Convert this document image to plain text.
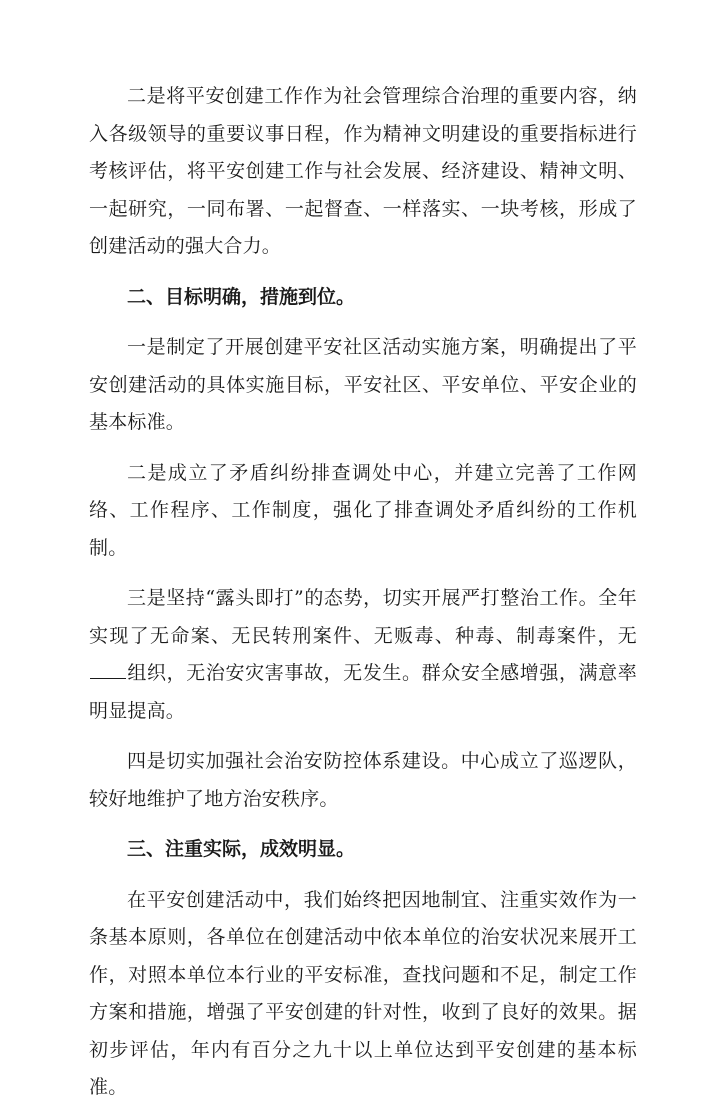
二是将平安创建工作作为社会管理综合治理的重要内容，纳入各级领导的重要议事日程，作为精神文明建设的重要指标进行考核评估，将平安创建工作与社会发展、经济建设、精神文明、一起研究，一同布署、一起督查、一样落实、一块考核，形成了创建活动的强大合力。

二、目标明确，措施到位。

一是制定了开展创建平安社区活动实施方案，明确提出了平安创建活动的具体实施目标，平安社区、平安单位、平安企业的基本标准。

二是成立了矛盾纠纷排查调处中心，并建立完善了工作网络、工作程序、工作制度，强化了排查调处矛盾纠纷的工作机制。

三是坚持“露头即打”的态势，切实开展严打整治工作。全年实现了无命案、无民转刑案件、无贩毒、种毒、制毒案件，无组织，无治安灾害事故，无发生。群众安全感增强，满意率明显提高。

四是切实加强社会治安防控体系建设。中心成立了巡逻队，较好地维护了地方治安秩序。

三、注重实际，成效明显。

在平安创建活动中，我们始终把因地制宜、注重实效作为一条基本原则，各单位在创建活动中依本单位的治安状况来展开工作，对照本单位本行业的平安标准，查找问题和不足，制定工作方案和措施，增强了平安创建的针对性，收到了良好的效果。据初步评估，年内有百分之九十以上单位达到平安创建的基本标准。
